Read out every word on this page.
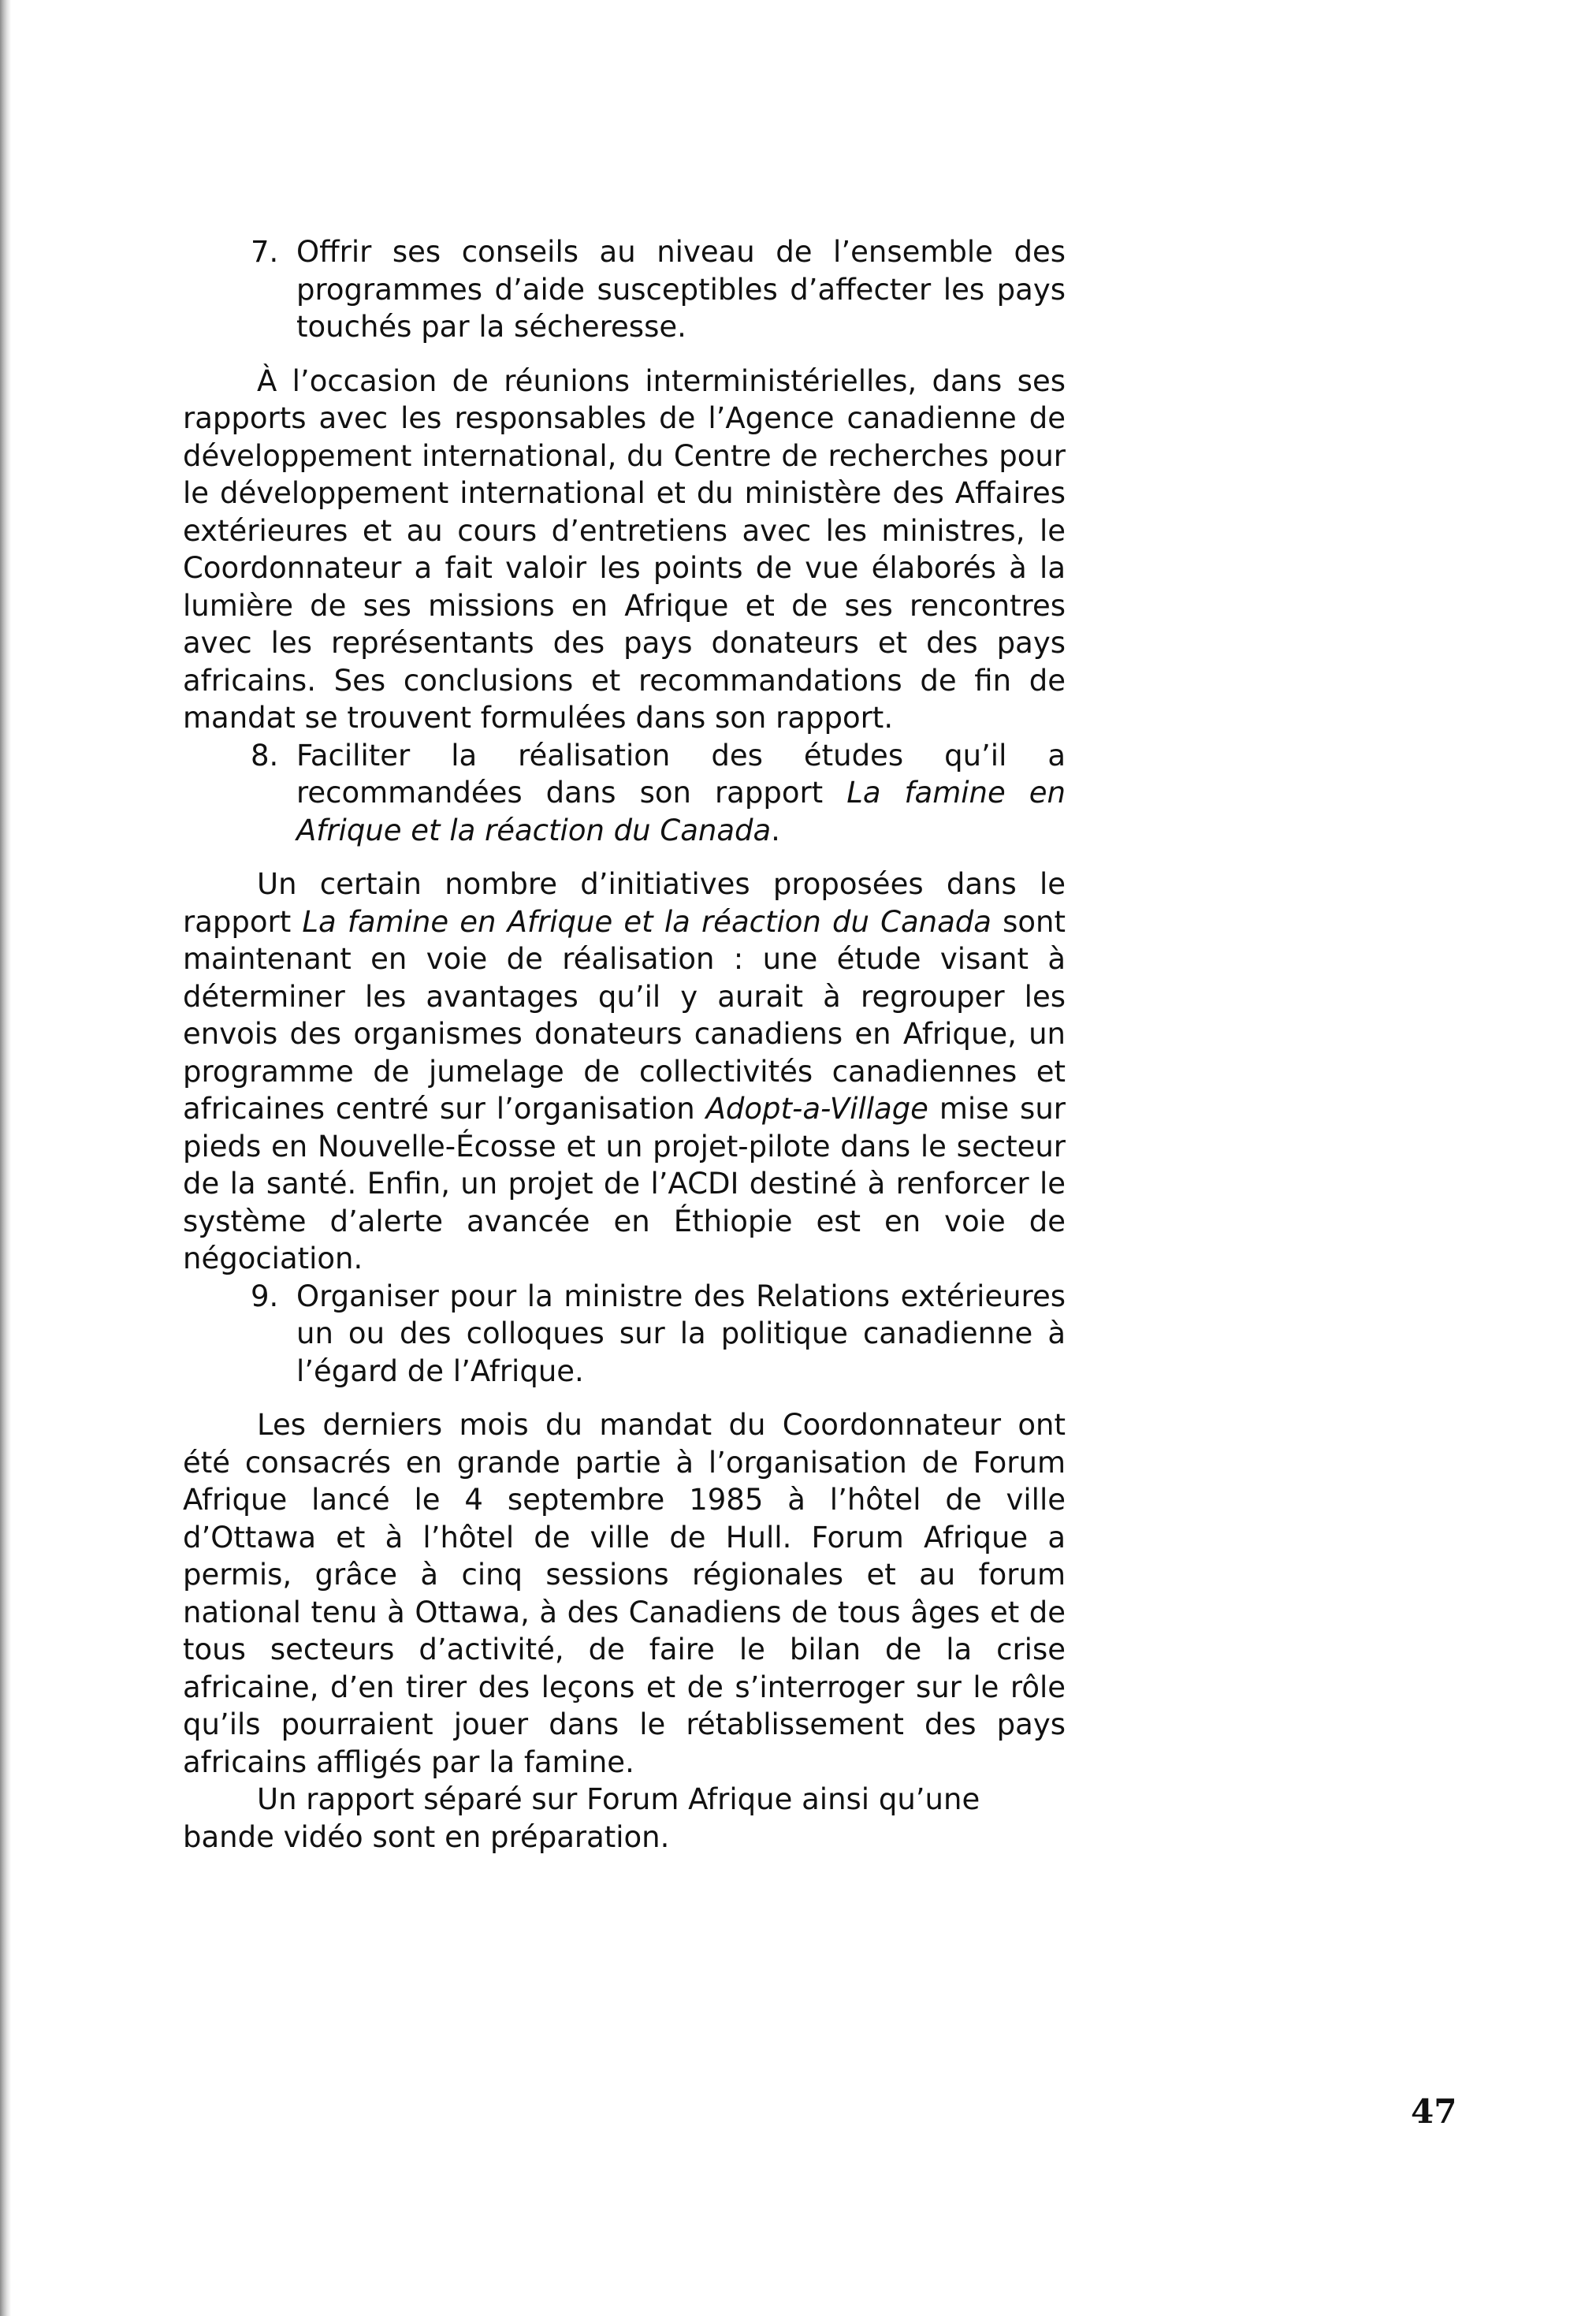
7. Offrir ses conseils au niveau de l’ensemble des programmes d’aide susceptibles d’affecter les pays touchés par la sécheresse.

À l’occasion de réunions interministérielles, dans ses rapports avec les responsables de l’Agence canadienne de développement international, du Centre de recherches pour le développement international et du ministère des Affaires extérieures et au cours d’entretiens avec les ministres, le Coordonnateur a fait valoir les points de vue élaborés à la lumière de ses missions en Afrique et de ses rencontres avec les représentants des pays donateurs et des pays africains. Ses conclusions et recommandations de fin de mandat se trouvent formulées dans son rapport.

8. Faciliter la réalisation des études qu’il a recommandées dans son rapport La famine en Afrique et la réaction du Canada.

Un certain nombre d’initiatives proposées dans le rapport La famine en Afrique et la réaction du Canada sont maintenant en voie de réalisation : une étude visant à déterminer les avantages qu’il y aurait à regrouper les envois des organismes donateurs canadiens en Afrique, un programme de jumelage de collectivités canadiennes et africaines centré sur l’organisation Adopt-a-Village mise sur pieds en Nouvelle-Écosse et un projet-pilote dans le secteur de la santé. Enfin, un projet de l’ACDI destiné à renforcer le système d’alerte avancée en Éthiopie est en voie de négociation.

9. Organiser pour la ministre des Relations extérieures un ou des colloques sur la politique canadienne à l’égard de l’Afrique.

Les derniers mois du mandat du Coordonnateur ont été consacrés en grande partie à l’organisation de Forum Afrique lancé le 4 septembre 1985 à l’hôtel de ville d’Ottawa et à l’hôtel de ville de Hull. Forum Afrique a permis, grâce à cinq sessions régionales et au forum national tenu à Ottawa, à des Canadiens de tous âges et de tous secteurs d’activité, de faire le bilan de la crise africaine, d’en tirer des leçons et de s’interroger sur le rôle qu’ils pourraient jouer dans le rétablissement des pays africains affligés par la famine.

Un rapport séparé sur Forum Afrique ainsi qu’une bande vidéo sont en préparation.

47
